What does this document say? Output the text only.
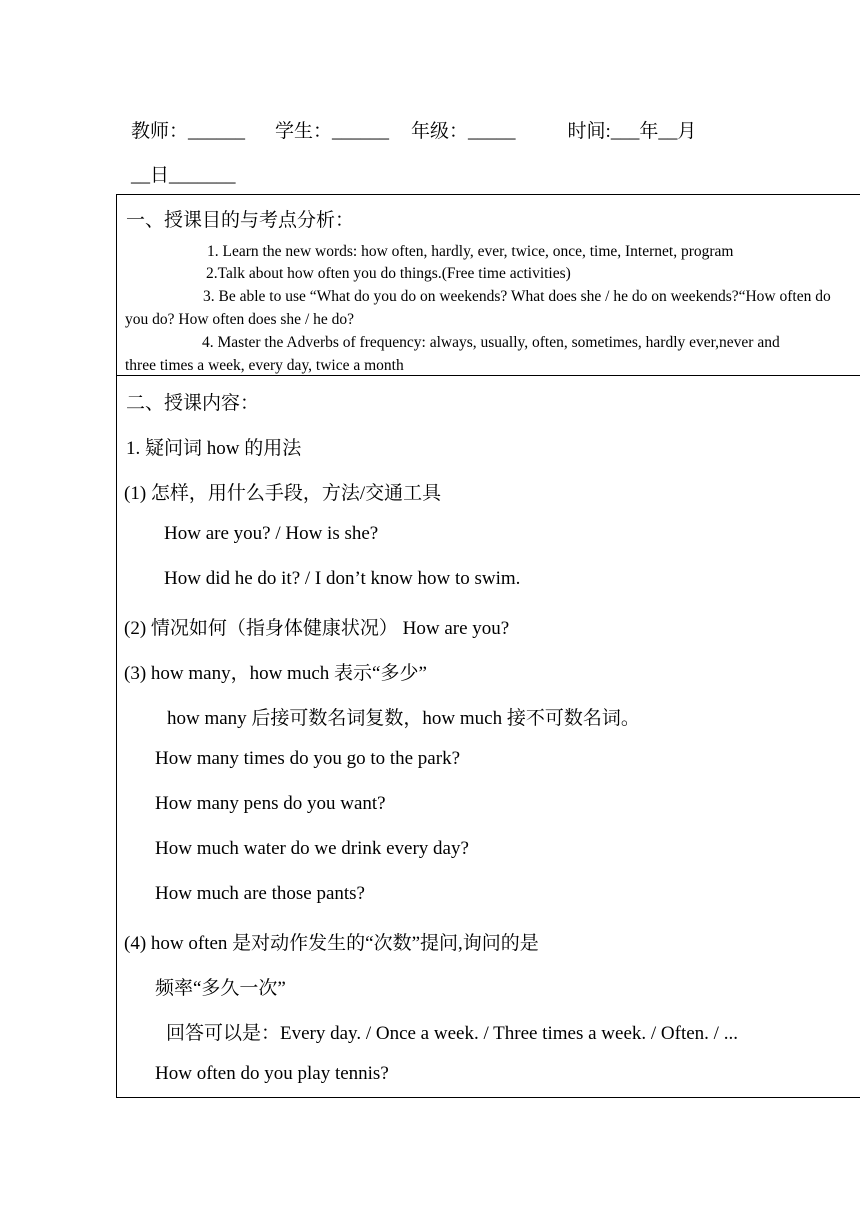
教师：______ 学生：______ 年级：_____	时间:___年__月
__日_______
一、授课目的与考点分析：
1. Learn the new words: how often, hardly, ever, twice, once, time, Internet, program
2.Talk about how often you do things.(Free time activities)
3. Be able to use “What do you do on weekends? What does she / he do on weekends?“How often do
you do? How often does she / he do?
4. Master the Adverbs of frequency: always, usually, often, sometimes, hardly ever,never and
three times a week, every day, twice a month
二、授课内容：
1. 疑问词 how 的用法
(1) 怎样，用什么手段，方法/交通工具
How are you? / How is she?
How did he do it? / I don’t know how to swim.
(2) 情况如何（指身体健康状况） How are you?
(3) how many，how much 表示“多少”
how many 后接可数名词复数，how much 接不可数名词。
How many times do you go to the park?
How many pens do you want?
How much water do we drink every day?
How much are those pants?
(4) how often 是对动作发生的“次数”提问,询问的是
频率“多久一次”
回答可以是：Every day. / Once a week. / Three times a week. / Often. / ...
How often do you play tennis?
